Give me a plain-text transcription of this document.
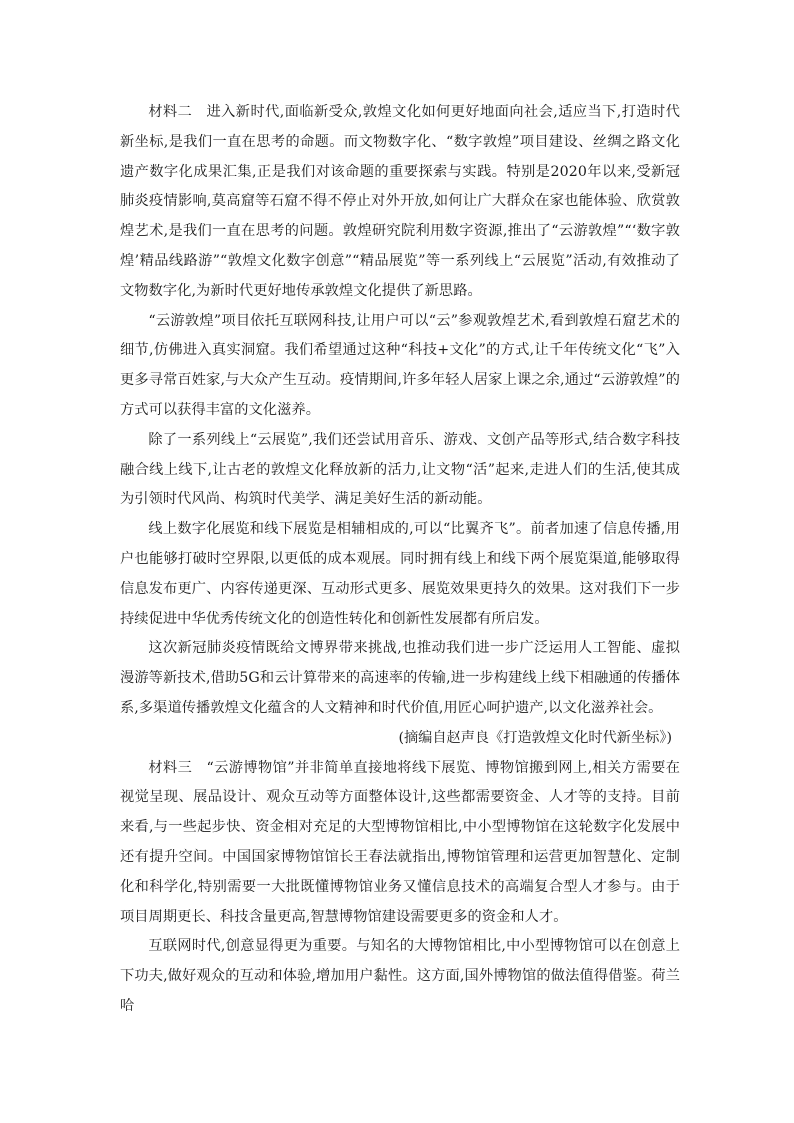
材料二 进入新时代,面临新受众,敦煌文化如何更好地面向社会,适应当下,打造时代新坐标,是我们一直在思考的命题。而文物数字化、“数字敦煌”项目建设、丝绸之路文化遗产数字化成果汇集,正是我们对该命题的重要探索与实践。特别是2020年以来,受新冠肺炎疫情影响,莫高窟等石窟不得不停止对外开放,如何让广大群众在家也能体验、欣赏敦煌艺术,是我们一直在思考的问题。敦煌研究院利用数字资源,推出了“云游敦煌”“‘数字敦煌’精品线路游”“敦煌文化数字创意”“精品展览”等一系列线上“云展览”活动,有效推动了文物数字化,为新时代更好地传承敦煌文化提供了新思路。

“云游敦煌”项目依托互联网科技,让用户可以“云”参观敦煌艺术,看到敦煌石窟艺术的细节,仿佛进入真实洞窟。我们希望通过这种“科技+文化”的方式,让千年传统文化“飞”入更多寻常百姓家,与大众产生互动。疫情期间,许多年轻人居家上课之余,通过“云游敦煌”的方式可以获得丰富的文化滋养。

除了一系列线上“云展览”,我们还尝试用音乐、游戏、文创产品等形式,结合数字科技融合线上线下,让古老的敦煌文化释放新的活力,让文物“活”起来,走进人们的生活,使其成为引领时代风尚、构筑时代美学、满足美好生活的新动能。

线上数字化展览和线下展览是相辅相成的,可以“比翼齐飞”。前者加速了信息传播,用户也能够打破时空界限,以更低的成本观展。同时拥有线上和线下两个展览渠道,能够取得信息发布更广、内容传递更深、互动形式更多、展览效果更持久的效果。这对我们下一步持续促进中华优秀传统文化的创造性转化和创新性发展都有所启发。

这次新冠肺炎疫情既给文博界带来挑战,也推动我们进一步广泛运用人工智能、虚拟漫游等新技术,借助5G和云计算带来的高速率的传输,进一步构建线上线下相融通的传播体系,多渠道传播敦煌文化蕴含的人文精神和时代价值,用匠心呵护遗产,以文化滋养社会。

(摘编自赵声良《打造敦煌文化时代新坐标》)

材料三 “云游博物馆”并非简单直接地将线下展览、博物馆搬到网上,相关方需要在视觉呈现、展品设计、观众互动等方面整体设计,这些都需要资金、人才等的支持。目前来看,与一些起步快、资金相对充足的大型博物馆相比,中小型博物馆在这轮数字化发展中还有提升空间。中国国家博物馆馆长王春法就指出,博物馆管理和运营更加智慧化、定制化和科学化,特别需要一大批既懂博物馆业务又懂信息技术的高端复合型人才参与。由于项目周期更长、科技含量更高,智慧博物馆建设需要更多的资金和人才。

互联网时代,创意显得更为重要。与知名的大博物馆相比,中小型博物馆可以在创意上下功夫,做好观众的互动和体验,增加用户黏性。这方面,国外博物馆的做法值得借鉴。荷兰哈
